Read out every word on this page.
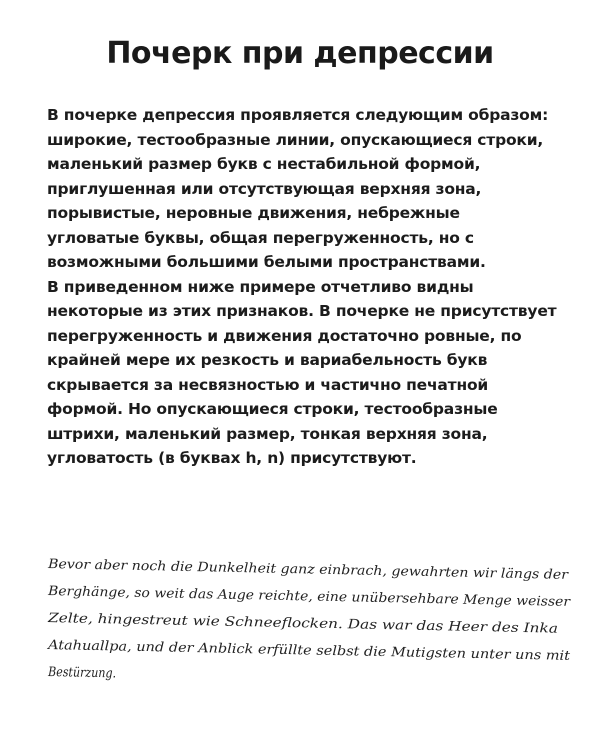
Почерк при депрессии

В почерке депрессия проявляется следующим образом: широкие, тестообразные линии, опускающиеся строки, маленький размер букв с нестабильной формой, приглушенная или отсутствующая верхняя зона, порывистые, неровные движения, небрежные угловатые буквы, общая перегруженность, но с возможными большими белыми пространствами.

В приведенном ниже примере отчетливо видны некоторые из этих признаков. В почерке не присутствует перегруженность и движения достаточно ровные, по крайней мере их резкость и вариабельность букв скрывается за несвязностью и частично печатной формой. Но опускающиеся строки, тестообразные штрихи, маленький размер, тонкая верхняя зона, угловатость (в буквах h, n) присутствуют.

Bevor aber noch die Dunkelheit ganz einbrach, gewahrten wir längs der
Berghänge, so weit das Auge reichte, eine unübersehbare Menge weisser
Zelte, hingestreut wie Schneeflocken. Das war das Heer des Inka
Atahuallpa, und der Anblick erfüllte selbst die Mutigsten unter uns mit
Bestürzung.
